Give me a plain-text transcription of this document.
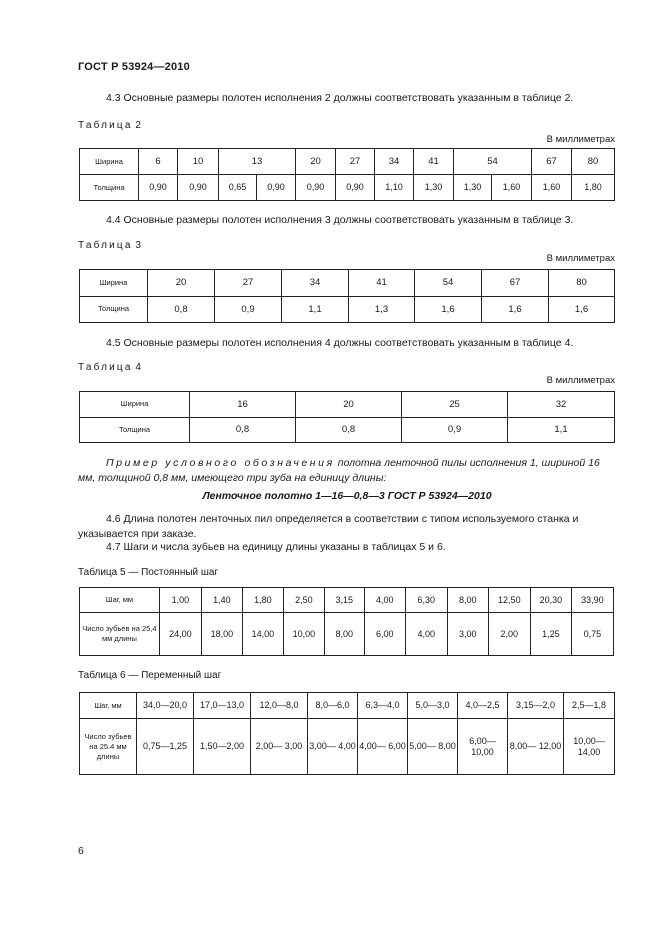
ГОСТ Р 53924—2010
4.3 Основные размеры полотен исполнения 2 должны соответствовать указанным в таблице 2.
Таблица 2
В миллиметрах
Ширина	6	10	13		20	27	34	41	54		67	80
Толщина	0,90	0,90	0,65	0,90	0,90	0,90	1,10	1,30	1,30	1,60	1,60	1,80
4.4 Основные размеры полотен исполнения 3 должны соответствовать указанным в таблице 3.
Таблица 3
В миллиметрах
Ширина	20	27	34	41	54	67	80
Толщина	0,8	0,9	1,1	1,3	1,6	1,6	1,6
4.5 Основные размеры полотен исполнения 4 должны соответствовать указанным в таблице 4.
Таблица 4
В миллиметрах
Ширина	16	20	25	32
Толщина	0,8	0,8	0,9	1,1
Пример условного обозначения полотна ленточной пилы исполнения 1, шириной 16 мм, толщиной 0,8 мм, имеющего три зуба на единицу длины:
Ленточное полотно 1—16—0,8—3 ГОСТ Р 53924—2010
4.6 Длина полотен ленточных пил определяется в соответствии с типом используемого станка и указывается при заказе.
4.7 Шаги и числа зубьев на единицу длины указаны в таблицах 5 и 6.
Таблица 5 — Постоянный шаг
Шаг, мм	1,00	1,40	1,80	2,50	3,15	4,00	6,30	8,00	12,50	20,30	33,90
Число зубьев на 25,4 мм длины	24,00	18,00	14,00	10,00	8,00	6,00	4,00	3,00	2,00	1,25	0,75
Таблица 6 — Переменный шаг
Шаг, мм	34,0—20,0	17,0—13,0	12,0—8,0	8,0—6,0	6,3—4,0	5,0—3,0	4,0—2,5	3,15—2,0	2,5—1,8
Число зубьев на 25.4 мм длины	0,75—1,25	1,50—2,00	2,00— 3,00	3,00— 4,00	4,00— 6,00	5,00— 8,00	6,00— 10,00	8,00— 12,00	10,00— 14,00
6
